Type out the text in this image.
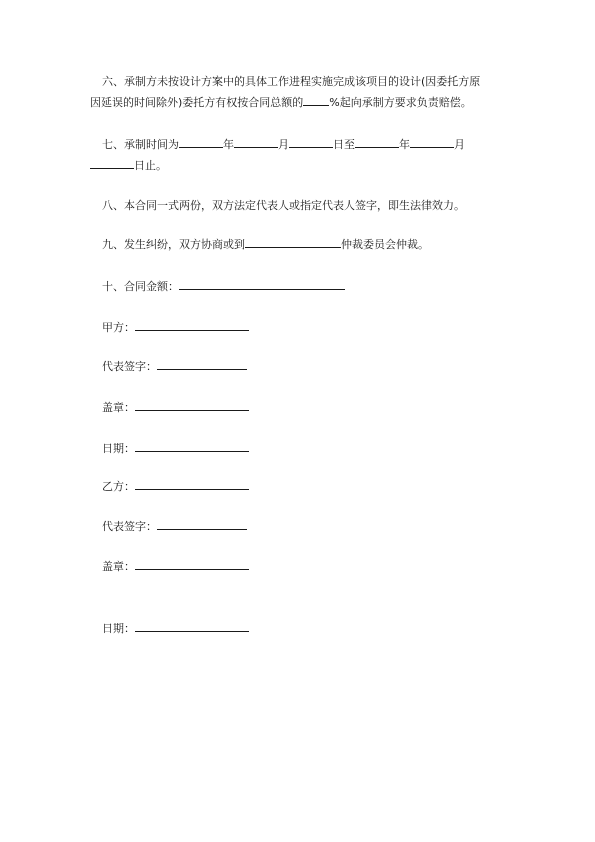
六、承制方未按设计方案中的具体工作进程实施完成该项目的设计(因委托方原
因延误的时间除外)委托方有权按合同总额的 %起向承制方要求负责赔偿。
七、承制时间为	年	月	日至	年	月
日止。
八、本合同一式两份，双方法定代表人或指定代表人签字，即生法律效力。
九、发生纠纷，双方协商或到	仲裁委员会仲裁。
十、合同金额：
甲方：
代表签字：
盖章：
日期：
乙方：
代表签字：
盖章：
日期：
